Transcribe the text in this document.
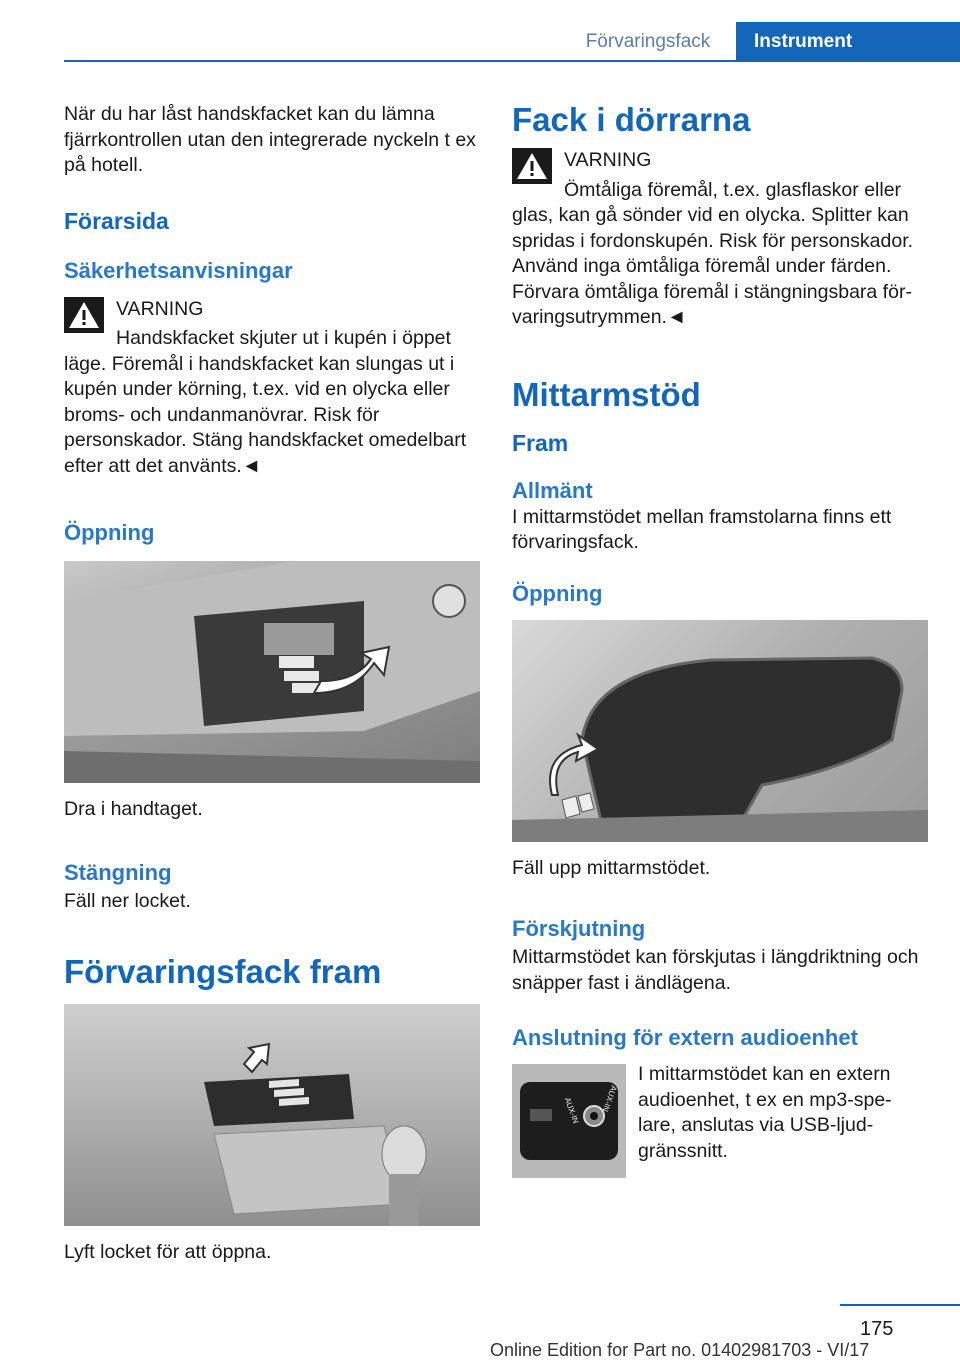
Förvaringsfack	Instrument

När du har låst handskfacket kan du lämna fjärrkontrollen utan den integrerade nyckeln t ex på hotell.

Förarsida
Säkerhetsanvisningar
VARNING
Handskfacket skjuter ut i kupén i öppet läge. Föremål i handskfacket kan slungas ut i kupén under körning, t.ex. vid en olycka eller broms- och undanmanövrar. Risk för personskador. Stäng handskfacket omedelbart efter att det använts.◄
Öppning

Dra i handtaget.

Stängning

Fäll ner locket.

Förvaringsfack fram

Lyft locket för att öppna.

Fack i dörrarna
VARNING
Ömtåliga föremål, t.ex. glasflaskor eller glas, kan gå sönder vid en olycka. Splitter kan spridas i fordonskupén. Risk för personskador. Använd inga ömtåliga föremål under färden. Förvara ömtåliga föremål i stängningsbara förvaringsutrymmen.◄
Mittarmstöd
Fram
Allmänt

I mittarmstödet mellan framstolarna finns ett förvaringsfack.

Öppning

Fäll upp mittarmstödet.

Förskjutning

Mittarmstödet kan förskjutas i längdriktning och snäpper fast i ändlägena.

Anslutning för extern audioenhet
AUX-IN	AUX-IN

I mittarmstödet kan en extern audioenhet, t ex en mp3-spelare, anslutas via USB-ljudgränssnitt.

175
Online Edition for Part no. 01402981703 - VI/17
